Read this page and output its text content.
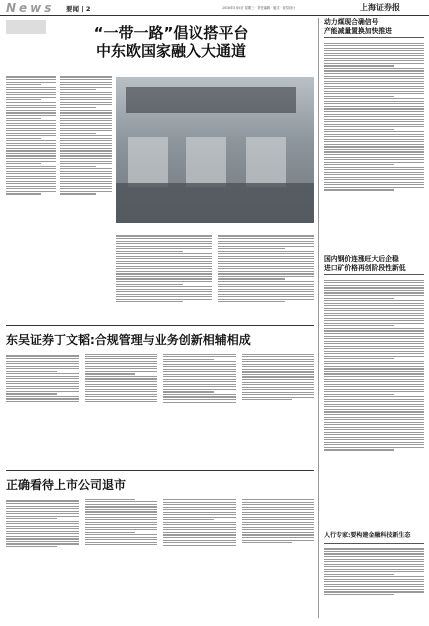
News 要闻 | 2	2016年5月6日 星期三 · 责任编辑 · 版式 · 视觉设计	上海证券报
“一带一路”倡议搭平台
中东欧国家融入大通道
东吴证券丁文韬:合规管理与业务创新相辅相成
正确看待上市公司退市
动力煤现合确信号
产能减量置换加快推进
国内钢价连涨旺大后企稳
进口矿价格再创阶段性新低
人行专家:要构建金融科技新生态
